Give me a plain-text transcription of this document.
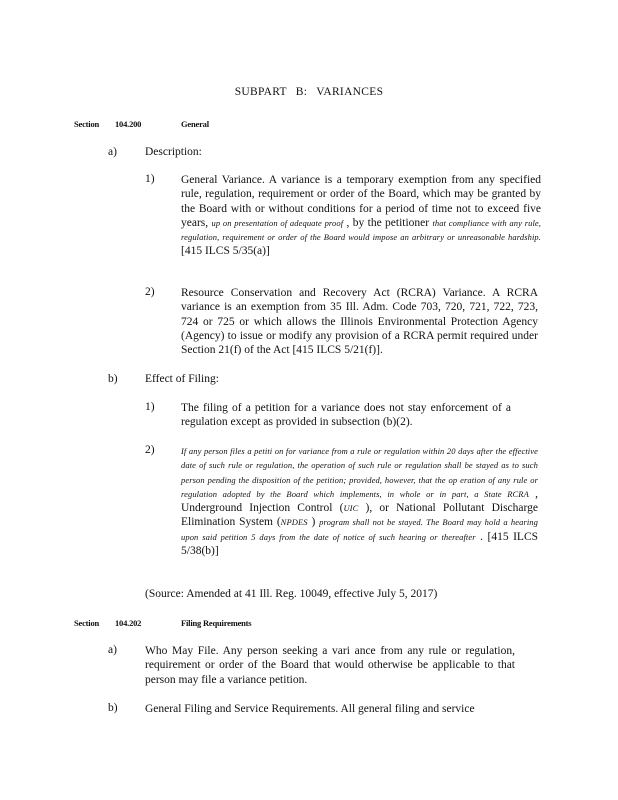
SUBPART B: VARIANCES
Section 104.200	General
a) Description:
1) General Variance. A variance is a temporary exemption from any specified rule, regulation, requirement or order of the Board, which may be granted by the Board with or without conditions for a period of time not to exceed five years, up on presentation of adequate proof , by the petitioner that compliance with any rule, regulation, requirement or order of the Board would impose an arbitrary or unreasonable hardship. [415 ILCS 5/35(a)]
2) Resource Conservation and Recovery Act (RCRA) Variance. A RCRA variance is an exemption from 35 Ill. Adm. Code 703, 720, 721, 722, 723, 724 or 725 or which allows the Illinois Environmental Protection Agency (Agency) to issue or modify any provision of a RCRA permit required under Section 21(f) of the Act [415 ILCS 5/21(f)].
b) Effect of Filing:
1) The filing of a petition for a variance does not stay enforcement of a regulation except as provided in subsection (b)(2).
2)	If any person files a petiti on for variance from a rule or regulation within 20 days after the effective date of such rule or regulation, the operation of such rule or regulation shall be stayed as to such person pending the disposition of the petition; provided, however, that the op eration of any rule or regulation adopted by the Board which implements, in whole or in part, a State RCRA , Underground Injection Control (UIC ), or National Pollutant Discharge Elimination System (NPDES ) program shall not be stayed. The Board may hold a hearing upon said petition 5 days from the date of notice of such hearing or thereafter . [415 ILCS 5/38(b)]
(Source: Amended at 41 Ill. Reg. 10049, effective July 5, 2017)
Section 104.202	Filing Requirements
a) Who May File. Any person seeking a vari ance from any rule or regulation, requirement or order of the Board that would otherwise be applicable to that person may file a variance petition.
b) General Filing and Service Requirements. All general filing and service
